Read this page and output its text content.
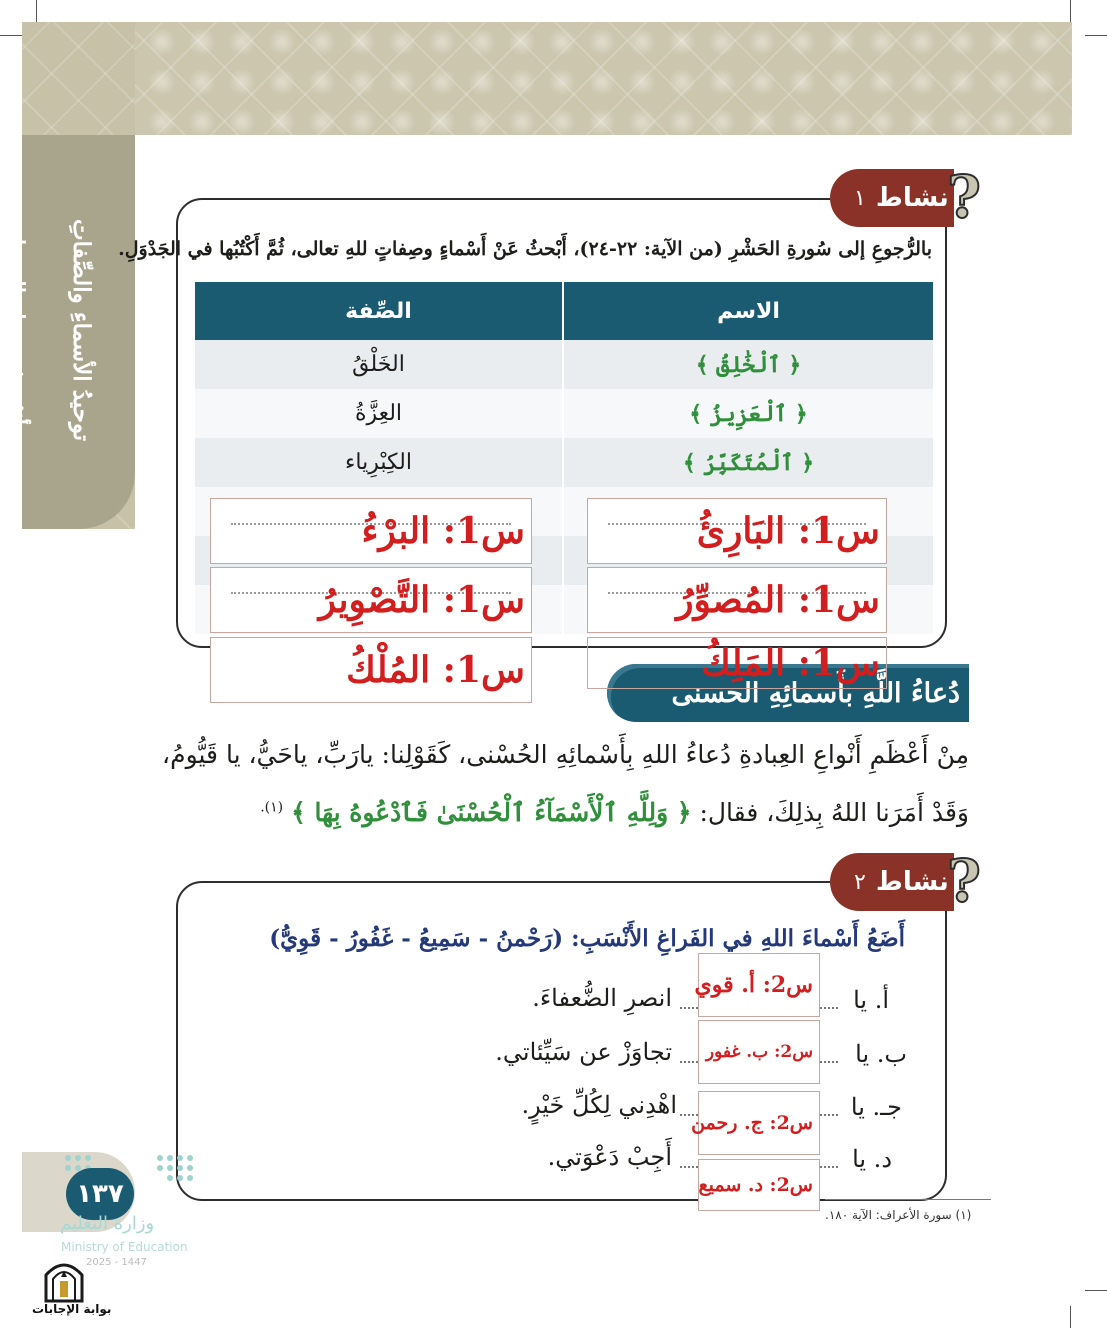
توحيدُ الأسماءِ والصِّفاتِ

وأثرُه في حياةِ المسلمِ

١ نشاط
?
بالرُّجوعِ إلى سُورةِ الحَشْرِ (من الآية: ٢٢-٢٤)، أَبْحثُ عَنْ أَسْماءٍ وصِفاتٍ للهِ تعالى، ثُمَّ أَكْتُبُها في الجَدْوَلِ.
الصِّفة	الاسم
الخَلْقُ	﴿ ٱلْخَٰلِقُ ﴾
العِزَّةُ	﴿ ٱلْعَزِيزُ ﴾
الكِبْرِياء	﴿ ٱلْمُتَكَبِّرُ ﴾

س1: البَارِئُ
س1: البرْءُ
س1: المُصوِّرُ
س1: التَّصْوِيرُ
دُعاءُ اللَّهِ بأَسمائِهِ الحسنى
س1: المَلِكُ
س1: المُلْكُ
مِنْ أَعْظَمِ أَنْواعِ العِبادةِ دُعاءُ اللهِ بِأَسْمائِهِ الحُسْنى، كَقَوْلِنا: يارَبِّ، ياحَيُّ، يا قَيُّومُ،
وَقَدْ أَمَرَنا اللهُ بِذلِكَ، فقال: ﴿ وَلِلَّهِ ٱلْأَسْمَآءُ ٱلْحُسْنَىٰ فَٱدْعُوهُ بِهَا ﴾ $^{(١).}$
٢ نشاط
?
أَضَعُ أَسْماءَ اللهِ في الفَراغِ الأَنْسَبِ: (رَحْمنُ - سَمِيعُ - غَفُورُ - قَوِيُّ)
أ. يا
انصرِ الضُّعفاءَ.
ب. يا
تجاوَزْ عن سَيِّئاتي.
جـ. يا
اهْدِني لِكُلِّ خَيْرٍ.
د. يا
أَجِبْ دَعْوَتي.
س2: أ. قوي
س2: ب. غفور
س2: ج. رحمن
س2: د. سميع
(١) سورة الأعراف: الآية ١٨٠.
١٣٧
وزارة التعليم
Ministry of Education
2025 - 1447
بوابة الإجابات
